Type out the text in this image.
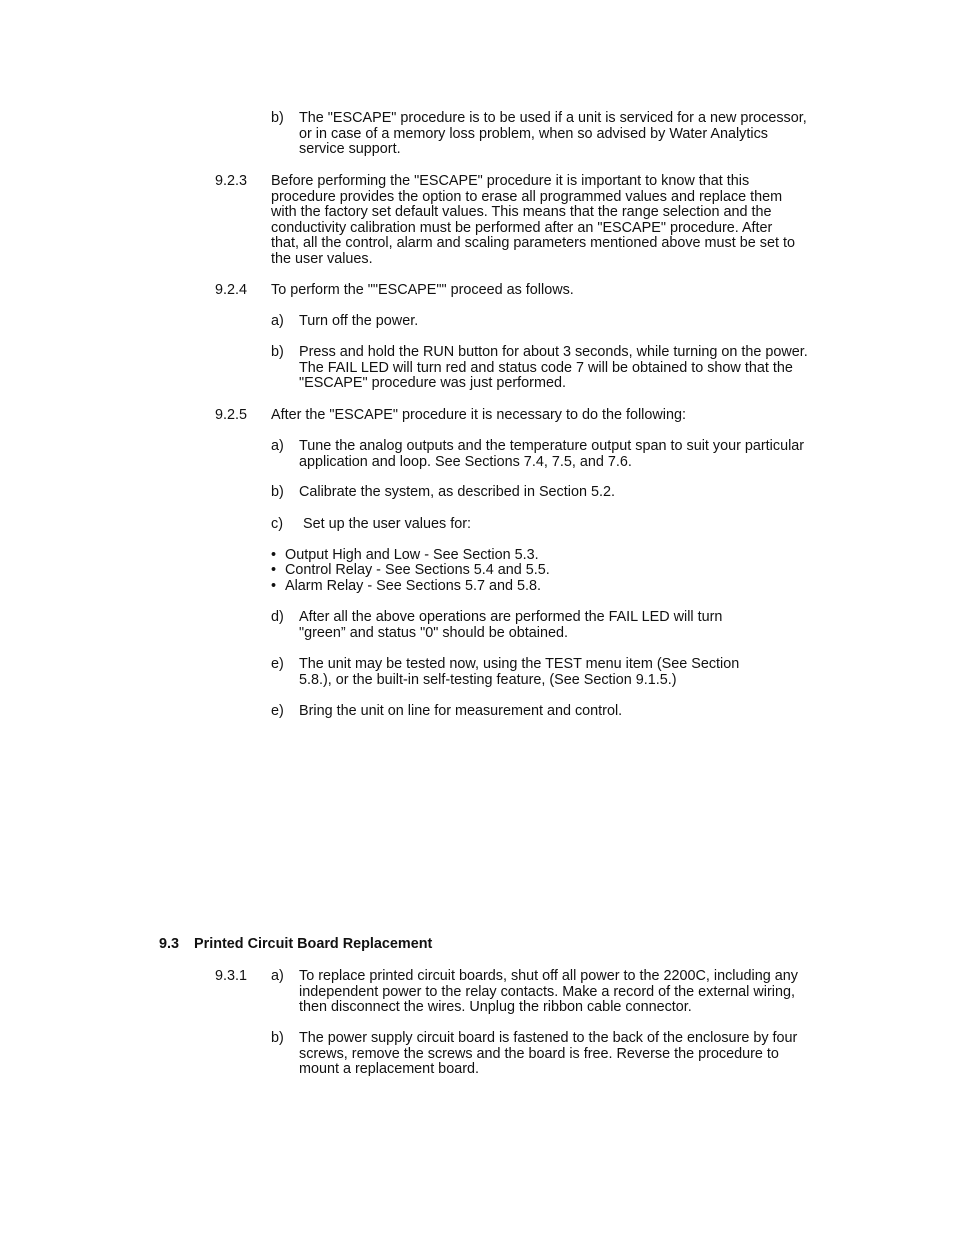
b) The "ESCAPE" procedure is to be used if a unit is serviced for a new processor,
or in case of a memory loss problem, when so advised by Water Analytics
service support.
9.2.3 Before performing the "ESCAPE" procedure it is important to know that this
procedure provides the option to erase all programmed values and replace them
with the factory set default values. This means that the range selection and the
conductivity calibration must be performed after an "ESCAPE" procedure. After
that, all the control, alarm and scaling parameters mentioned above must be set to
the user values.
9.2.4 To perform the ""ESCAPE"" proceed as follows.
a) Turn off the power.
b) Press and hold the RUN button for about 3 seconds, while turning on the power.
The FAIL LED will turn red and status code 7 will be obtained to show that the
"ESCAPE" procedure was just performed.
9.2.5 After the "ESCAPE" procedure it is necessary to do the following:
a) Tune the analog outputs and the temperature output span to suit your particular
application and loop. See Sections 7.4, 7.5, and 7.6.
b) Calibrate the system, as described in Section 5.2.
c) Set up the user values for:
• Output High and Low - See Section 5.3.
• Control Relay - See Sections 5.4 and 5.5.
• Alarm Relay - See Sections 5.7 and 5.8.
d) After all the above operations are performed the FAIL LED will turn
"green” and status "0" should be obtained.
e) The unit may be tested now, using the TEST menu item (See Section
5.8.), or the built-in self-testing feature, (See Section 9.1.5.)
e) Bring the unit on line for measurement and control.
9.3 Printed Circuit Board Replacement
9.3.1 a) To replace printed circuit boards, shut off all power to the 2200C, including any
independent power to the relay contacts. Make a record of the external wiring,
then disconnect the wires. Unplug the ribbon cable connector.
b) The power supply circuit board is fastened to the back of the enclosure by four
screws, remove the screws and the board is free. Reverse the procedure to
mount a replacement board.
